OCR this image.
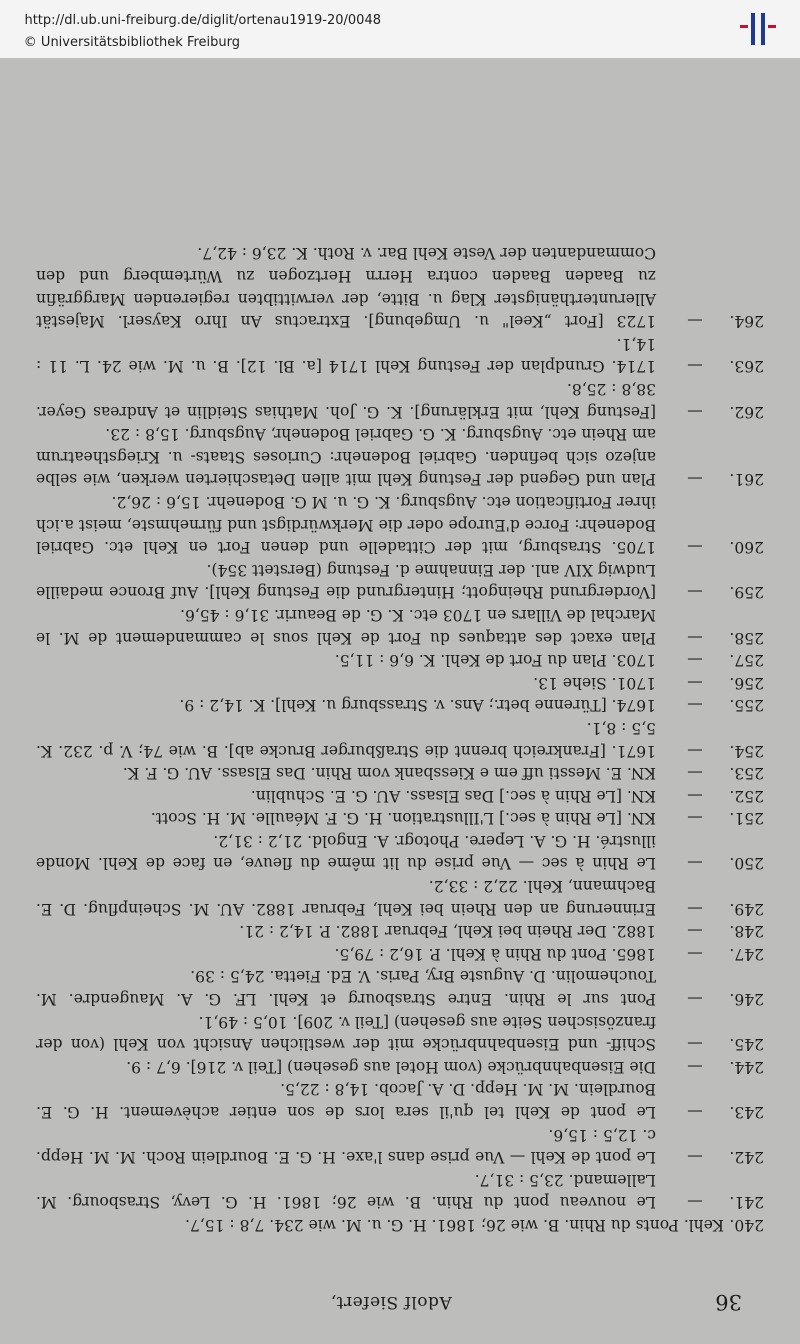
36
Adolf Siefert,
240.
Kehl. Ponts du Rhin. B. wie 26; 1861. H. G. u. M. wie 234. 7,8 : 15,7.
241.
—
Le nouveau pont du Rhin. B. wie 26; 1861. H. G. Levy, Strasbourg. M. Lallemand. 23,5 : 31,7.
242.
—
Le pont de Kehl — Vue prise dans l'axe. H. G. E. Bourdlein Roch. M. M. Hepp. c. 12,5 : 15,6.
243.
—
Le pont de Kehl tel qu'il sera lors de son entier achèvement. H. G. E. Bourdlein. M. M. Hepp. D. A. Jacob. 14,8 : 22,5.
244.
—
Die Eisenbahnbrücke (vom Hotel aus gesehen) [Teil v. 216]. 6,7 : 9.
245.
—
Schiff- und Eisenbahnbrücke mit der westlichen Ansicht von Kehl (von der französischen Seite aus gesehen) [Teil v. 209]. 10,5 : 49,1.
246.
—
Pont sur le Rhin. Entre Strasbourg et Kehl. LF. G. A. Maugendre. M. Touchemolin. D. Auguste Bry, Paris. V. Ed. Fietta. 24,5 : 39.
247.
—
1865. Pont du Rhin à Kehl. P. 16,2 : 79,5.
248.
—
1882. Der Rhein bei Kehl, Februar 1882. P. 14,2 : 21.
249.
—
Erinnerung an den Rhein bei Kehl, Februar 1882. AU. M. Scheinpflug. D. E. Bachmann, Kehl. 22,2 : 33,2.
250.
—
Le Rhin à sec — Vue prise du lit même du fleuve, en face de Kehl. Monde illustré. H. G. A. Lepere. Photogr. A. Engold. 21,2 : 31,2.
251.
—
KN. [Le Rhin à sec.] L'Illustration. H. G. F. Méaulle. M. H. Scott.
252.
—
KN. [Le Rhin à sec.] Das Elsass. AU. G. E. Schublin.
253.
—
KN. E. Messti uff em e Kiessbank vom Rhin. Das Elsass. AU. G. F. K.
254.
—
1671. [Frankreich brennt die Straßburger Brucke ab]. B. wie 74; V. p. 232. K. 5,5 : 8,1.
255.
—
1674. [Türenne betr.; Ans. v. Strassburg u. Kehl]. K. 14,2 : 9.
256.
—
1701. Siehe 13.
257.
—
1703. Plan du Fort de Kehl. K. 6,6 : 11,5.
258.
—
Plan exact des attaques du Fort de Kehl sous le cammandement de M. le Marchal de Villars en 1703 etc. K. G. de Beaurir. 31,6 : 45,6.
259.
—
[Vordergrund Rheingott; Hintergrund die Festung Kehl]. Auf Bronce medaille Ludwig XIV anl. der Einnahme d. Festung (Berstett 354).
260.
—
1705. Strasburg, mit der Cittadelle und denen Fort en Kehl etc. Gabriel Bodenehr: Force d'Europe oder die Merkwürdigst und fürnehmste, meist a.ich ihrer Fortification etc. Augsburg. K. G. u. M G. Bodenehr. 15,6 : 26,2.
261.
—
Plan und Gegend der Festung Kehl mit allen Detaschierten werken, wie selbe anjezo sich befinden. Gabriel Bodenehr: Curioses Staats- u. Kriegstheatrum am Rhein etc. Augsburg. K. G. Gabriel Bodenehr, Augsburg. 15,8 : 23.
262.
—
[Festung Kehl, mit Erklärung]. K. G. Joh. Mathias Steidlin et Andreas Geyer. 38,8 : 25,8.
263.
—
1714. Grundplan der Festung Kehl 1714 [a. Bl. 12]. B. u. M. wie 24. L. 11 : 14,1.
264.
—
1723 [Fort „Keel" u. Umgebung]. Extractus An Ihro Kayserl. Majestät Allerunterthänigster Klag u. Bitte, der verwittibten regierenden Marggräfin zu Baaden Baaden contra Herrn Hertzogen zu Würtemberg und den Commandanten der Veste Kehl Bar. v. Roth. K. 23,6 : 42,7.
http://dl.ub.uni-freiburg.de/diglit/ortenau1919-20/0048
© Universitätsbibliothek Freiburg
